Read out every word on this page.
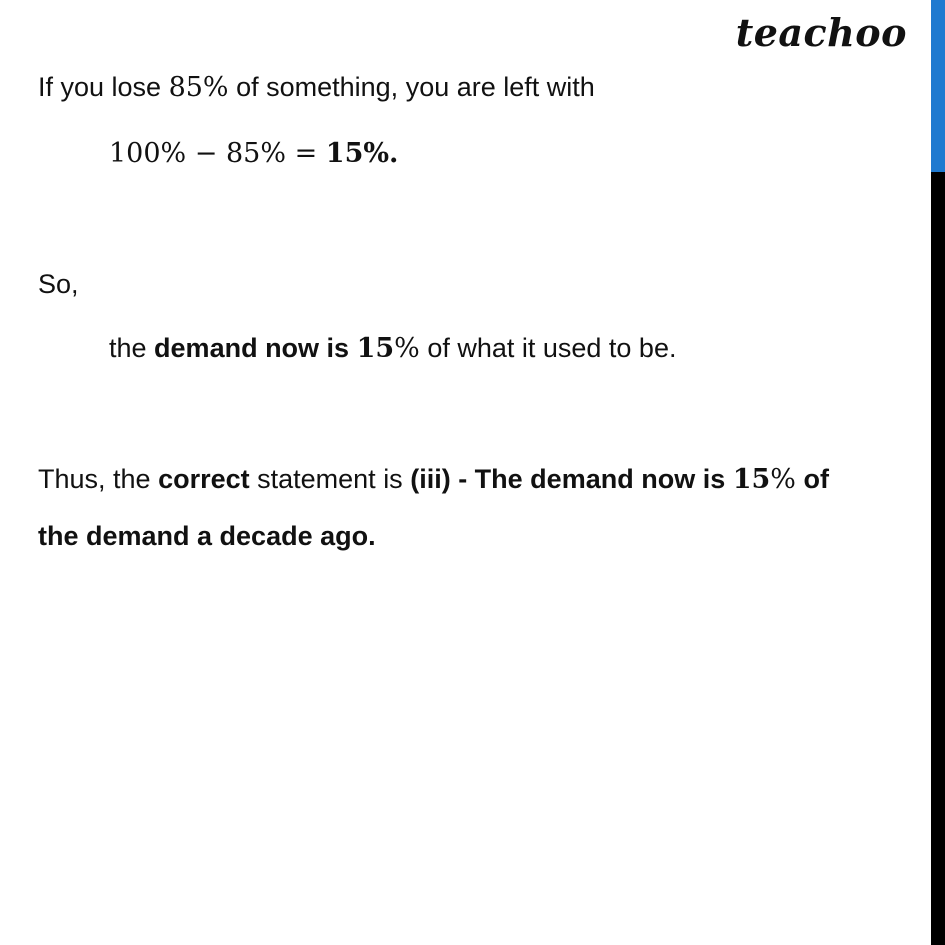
teachoo
If you lose 85% of something, you are left with
100% − 85% = 15%.
So,
the demand now is 15% of what it used to be.
Thus, the correct statement is (iii) - The demand now is 15% of
the demand a decade ago.
